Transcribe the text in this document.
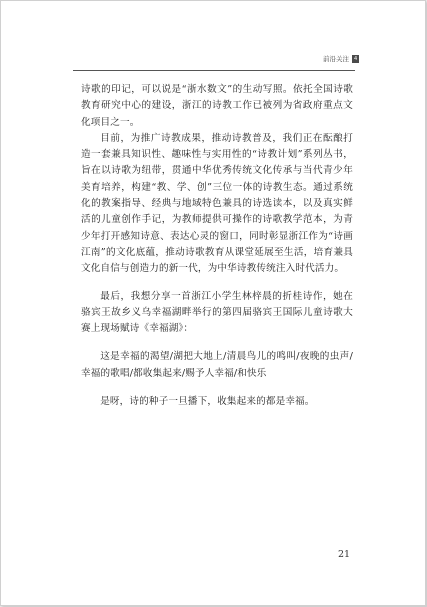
前沿关注	4

诗歌的印记，可以说是“浙水数文”的生动写照。依托全国诗歌教育研究中心的建设，浙江的诗教工作已被列为省政府重点文化项目之一。

目前，为推广诗教成果，推动诗教普及，我们正在酝酿打造一套兼具知识性、趣味性与实用性的“诗教计划”系列丛书，旨在以诗歌为纽带，贯通中华优秀传统文化传承与当代青少年美育培养，构建“教、学、创”三位一体的诗教生态。通过系统化的教案指导、经典与地域特色兼具的诗选读本，以及真实鲜活的儿童创作手记，为教师提供可操作的诗歌教学范本，为青少年打开感知诗意、表达心灵的窗口，同时彰显浙江作为“诗画江南”的文化底蕴，推动诗歌教育从课堂延展至生活，培育兼具文化自信与创造力的新一代，为中华诗教传统注入时代活力。

最后，我想分享一首浙江小学生林梓晨的折桂诗作，她在骆宾王故乡义乌幸福湖畔举行的第四届骆宾王国际儿童诗歌大赛上现场赋诗《幸福湖》：

这是幸福的渴望/湖把大地上/清晨鸟儿的鸣叫/夜晚的虫声/幸福的歌唱/都收集起来/赐予人幸福/和快乐

是呀，诗的种子一旦播下，收集起来的都是幸福。

21
